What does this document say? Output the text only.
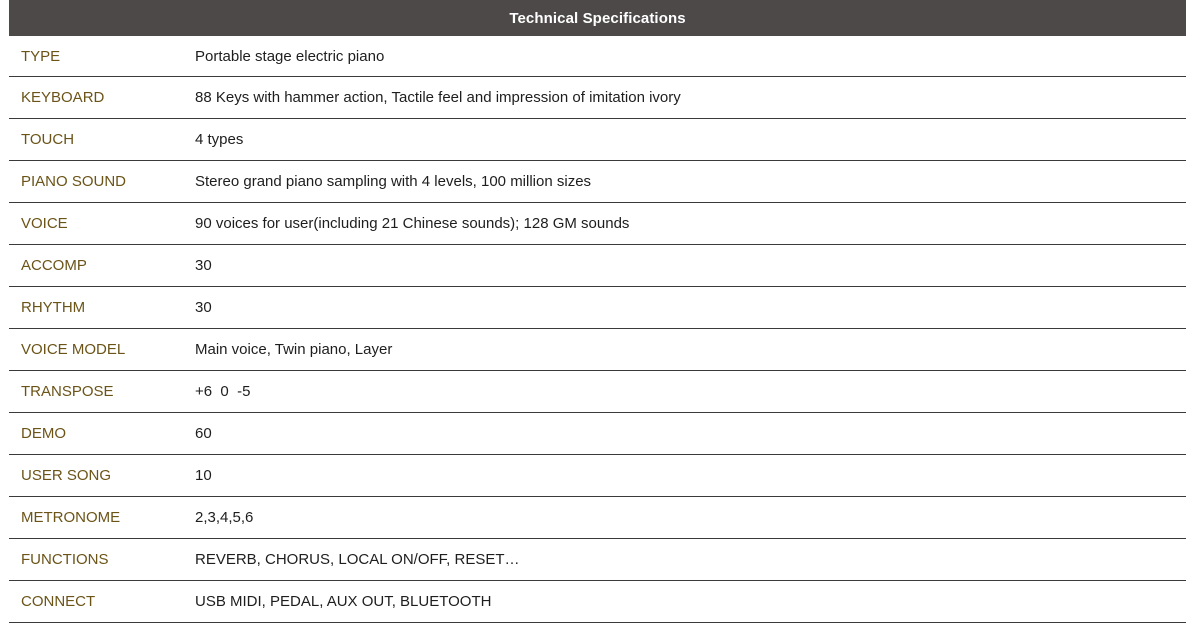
Technical Specifications
TYPE	Portable stage electric piano
KEYBOARD	88 Keys with hammer action, Tactile feel and impression of imitation ivory
TOUCH	4 types
PIANO SOUND	Stereo grand piano sampling with 4 levels, 100 million sizes
VOICE	90 voices for user(including 21 Chinese sounds); 128 GM sounds
ACCOMP	30
RHYTHM	30
VOICE MODEL	Main voice, Twin piano, Layer
TRANSPOSE	+6  0  -5
DEMO	60
USER SONG	10
METRONOME	2,3,4,5,6
FUNCTIONS	REVERB, CHORUS, LOCAL ON/OFF, RESET…
CONNECT	USB MIDI, PEDAL, AUX OUT, BLUETOOTH
